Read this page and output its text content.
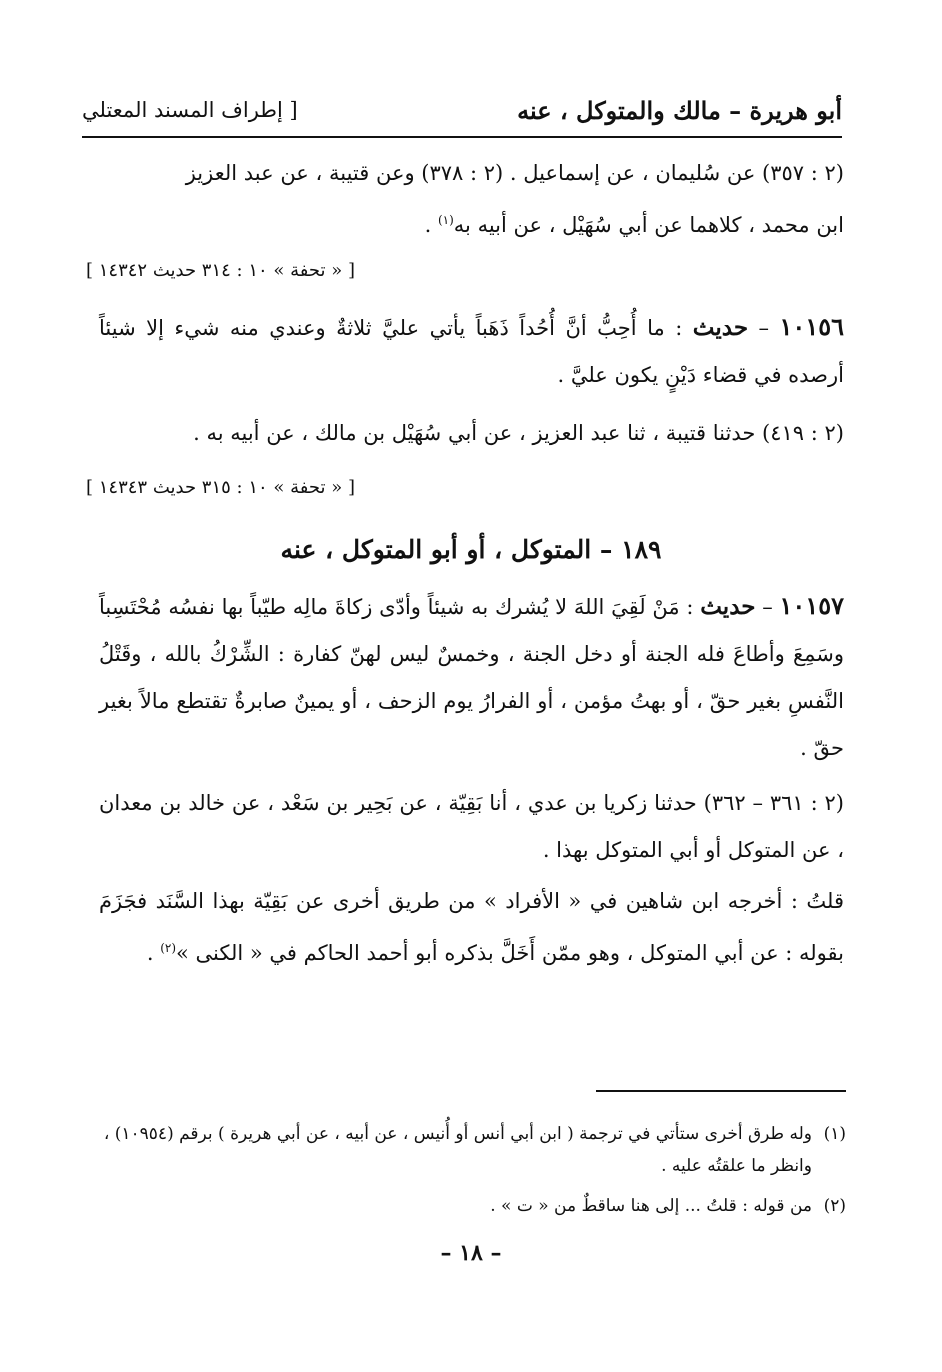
أبو هريرة – مالك والمتوكل ، عنه
[ إطراف المسند المعتلي
(٢ : ٣٥٧) عن سُليمان ، عن إسماعيل . (٢ : ٣٧٨) وعن قتيبة ، عن عبد العزيز
ابن محمد ، كلاهما عن أبي سُهَيْل ، عن أبيه به$^{(١)}$ .
[ « تحفة » ١٠ : ٣١٤ حديث ١٤٣٤٢ ]
١٠١٥٦ – حديث : ما أُحِبُّ أنَّ أُحُداً ذَهَباً يأتي عليَّ ثلاثةٌ وعندي منه شيء إلا شيئاً أرصده في قضاء دَيْنٍ يكون عليَّ .
(٢ : ٤١٩) حدثنا قتيبة ، ثنا عبد العزيز ، عن أبي سُهَيْل بن مالك ، عن أبيه به .
[ « تحفة » ١٠ : ٣١٥ حديث ١٤٣٤٣ ]
١٨٩ – المتوكل ، أو أبو المتوكل ، عنه
١٠١٥٧ – حديث : مَنْ لَقِيَ اللهَ لا يُشرك به شيئاً وأدّى زكاةَ مالِه طيّباً بها نفسُه مُحْتَسِباً وسَمِعَ وأطاعَ فله الجنة أو دخل الجنة ، وخمسٌ ليس لهنّ كفارة : الشِّرْكُ بالله ، وقَتْلُ النَّفسِ بغير حقّ ، أو بهتُ مؤمن ، أو الفرارُ يوم الزحف ، أو يمينٌ صابرةٌ تقتطع مالاً بغير حقّ .
(٢ : ٣٦١ – ٣٦٢) حدثنا زكريا بن عدي ، أنا بَقِيّة ، عن بَحِير بن سَعْد ، عن خالد بن معدان ، عن المتوكل أو أبي المتوكل بهذا .
قلتُ : أخرجه ابن شاهين في « الأفراد » من طريق أخرى عن بَقِيّة بهذا السَّنَد فجَزَمَ بقوله : عن أبي المتوكل ، وهو ممّن أَخَلَّ بذكره أبو أحمد الحاكم في « الكنى »$^{(٢)}$ .
(١)وله طرق أخرى ستأتي في ترجمة ( ابن أبي أنس أو أُنيس ، عن أبيه ، عن أبي هريرة ) برقم (١٠٩٥٤) ،
وانظر ما علقتُه عليه .
(٢)من قوله : قلتُ ... إلى هنا ساقطٌ من « ت » .
– ١٨ –
